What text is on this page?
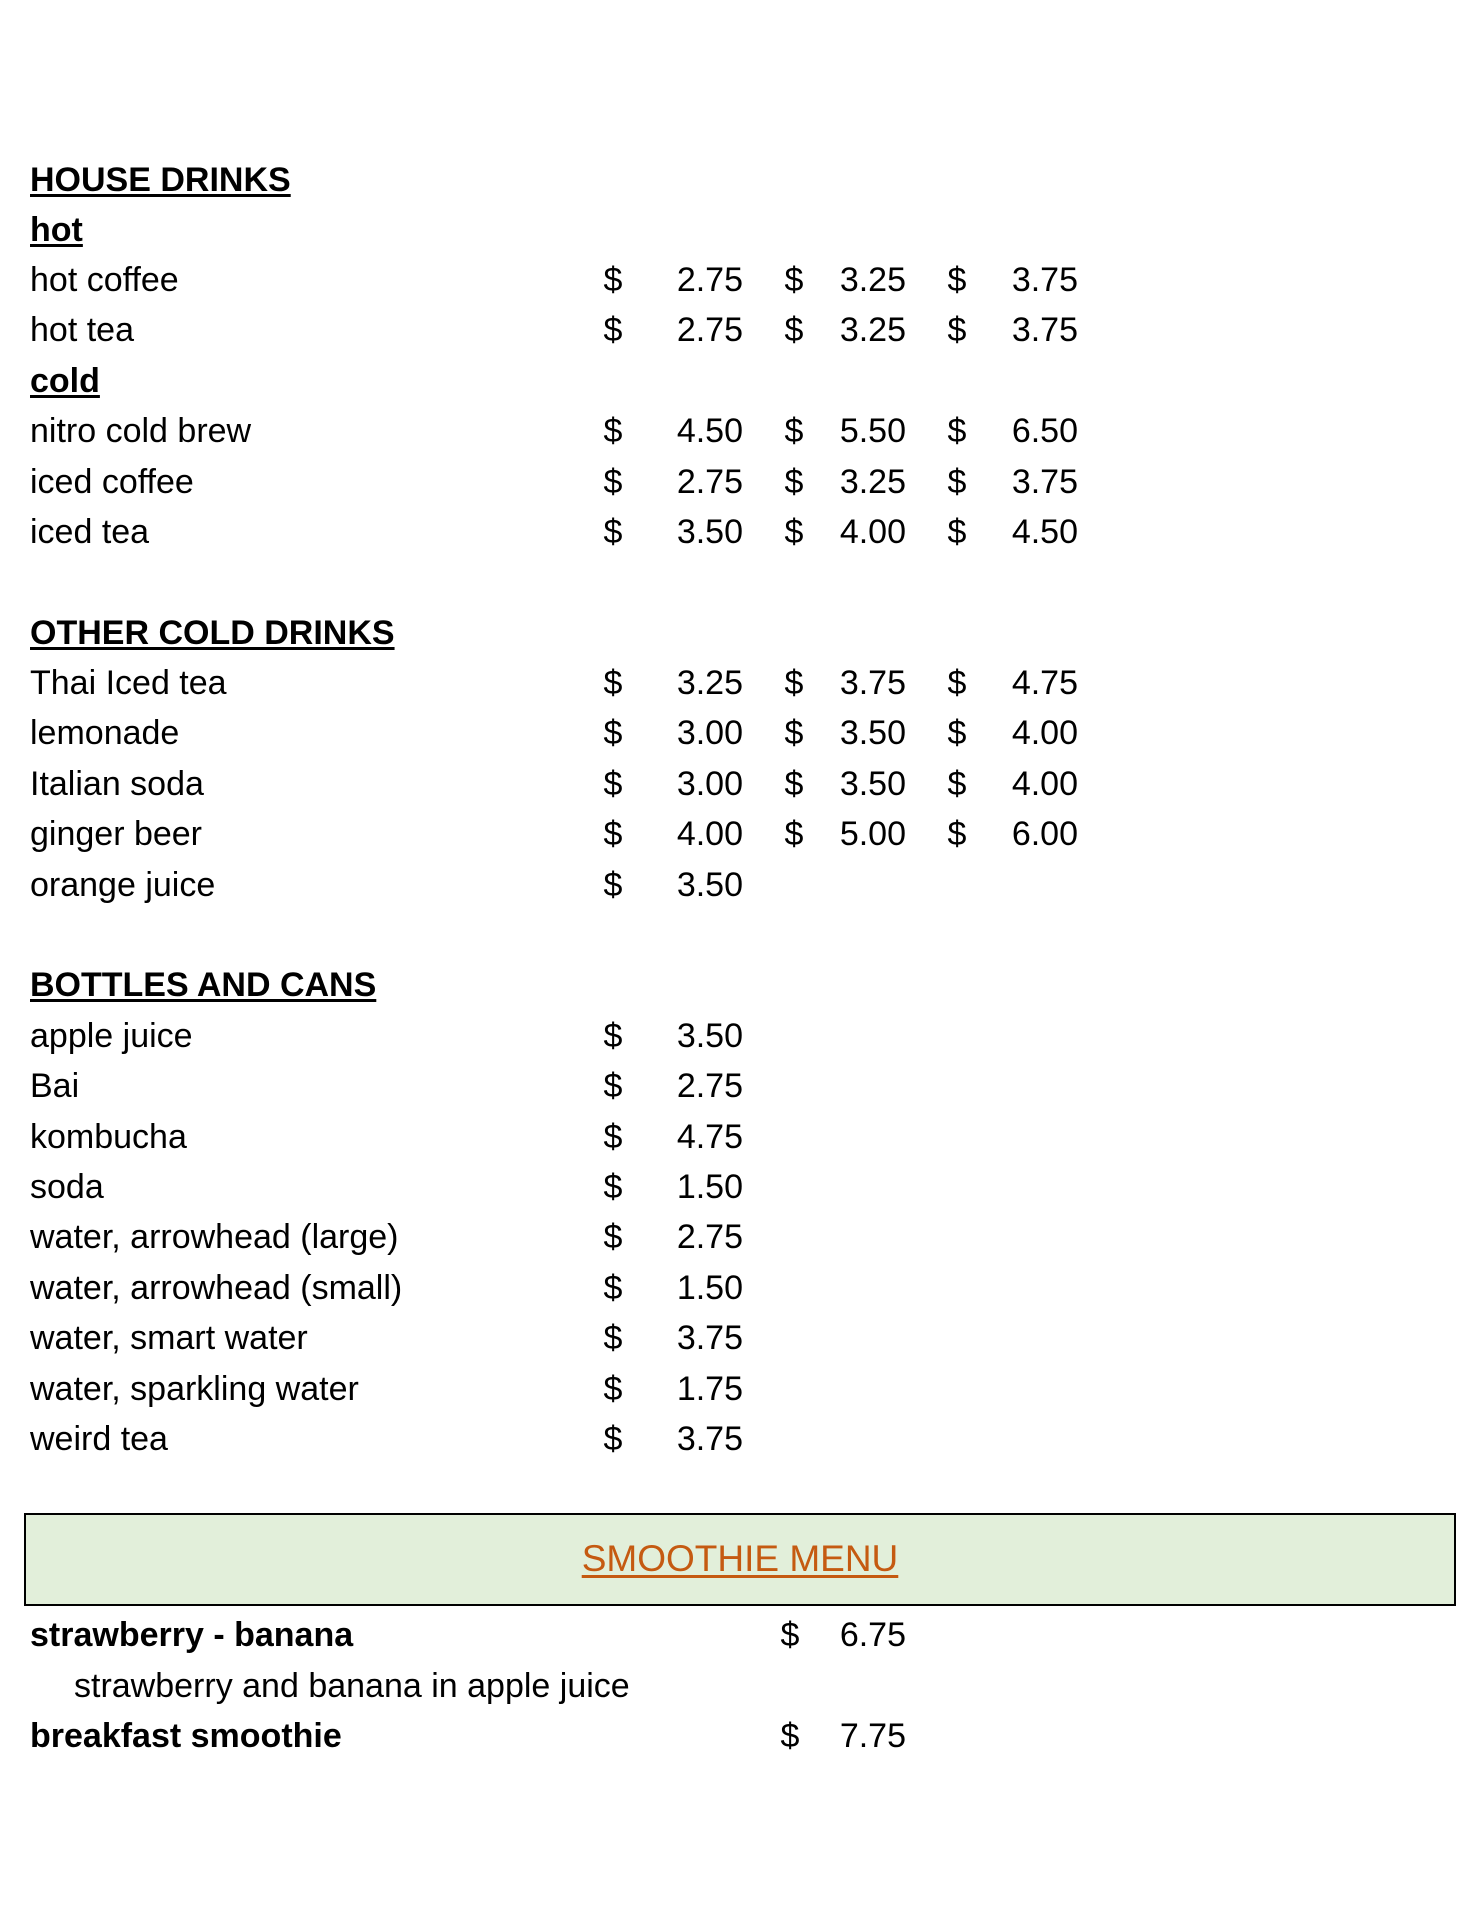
HOUSE DRINKS
hot
hot coffee	$	2.75 $	3.25 $	3.75
hot tea	$	2.75 $	3.25 $	3.75
cold
nitro cold brew	$	4.50 $	5.50 $	6.50
iced coffee	$	2.75 $	3.25 $	3.75
iced tea	$	3.50 $	4.00 $	4.50
OTHER COLD DRINKS
Thai Iced tea	$	3.25 $	3.75 $	4.75
lemonade	$	3.00 $	3.50 $	4.00
Italian soda	$	3.00 $	3.50 $	4.00
ginger beer	$	4.00 $	5.00 $	6.00
orange juice	$	3.50
BOTTLES AND CANS
apple juice	$	3.50
Bai	$	2.75
kombucha	$	4.75
soda	$	1.50
water, arrowhead (large)	$	2.75
water, arrowhead (small)	$	1.50
water, smart water	$	3.75
water, sparkling water	$	1.75
weird tea	$	3.75
SMOOTHIE MENU
strawberry - banana	$	6.75
strawberry and banana in apple juice
breakfast smoothie	$	7.75
